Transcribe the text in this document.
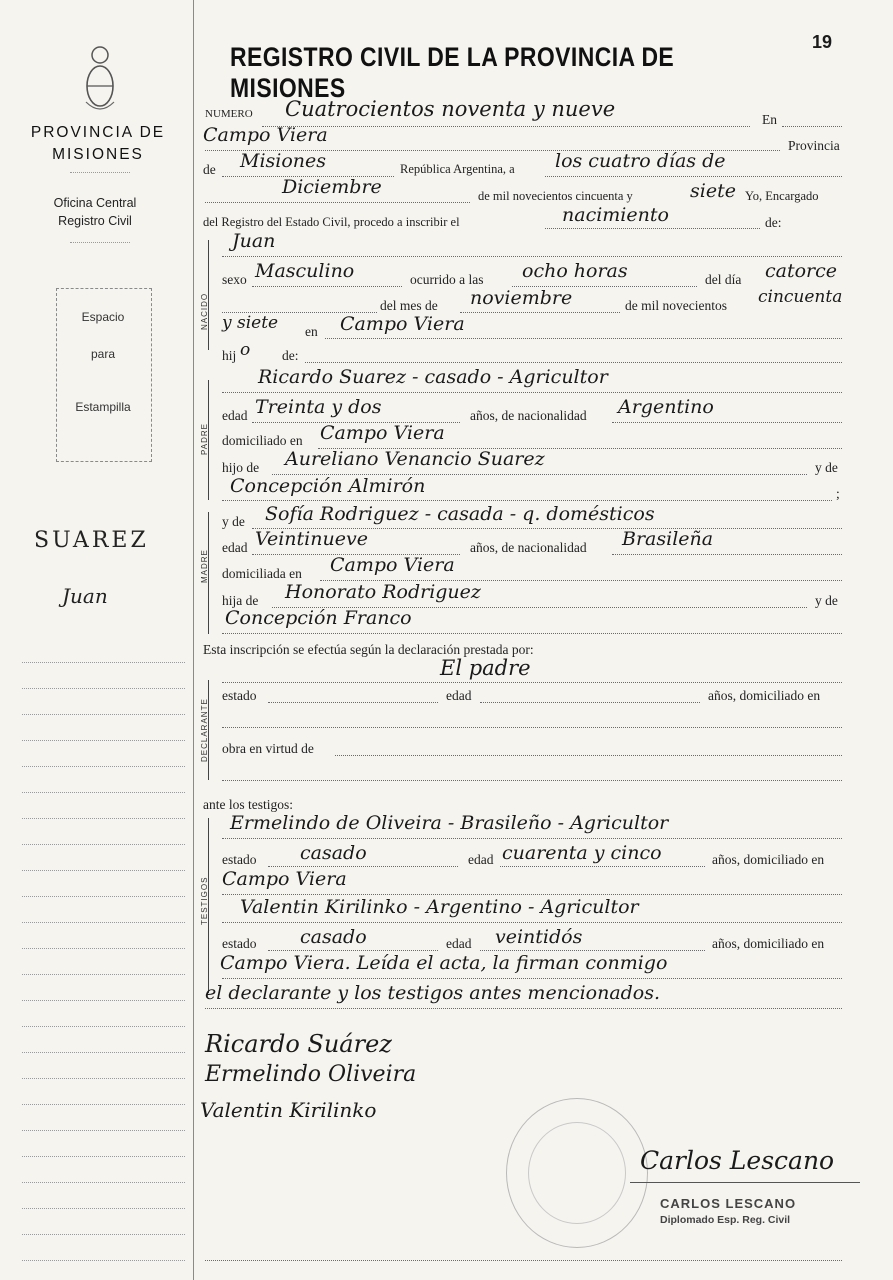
PROVINCIA DE
MISIONES
Oficina Central
Registro Civil
Espacio
para
Estampilla
SUAREZ
Juan
REGISTRO CIVIL DE LA PROVINCIA DE MISIONES
19
NACIDO
PADRE
MADRE
DECLARANTE
TESTIGOS
NUMERO Cuatrocientos noventa y nueve	En
Campo Viera	Provincia
de Misiones	República Argentina, a los cuatro días de
Diciembre	de mil novecientos cincuenta y	siete Yo, Encargado
del Registro del Estado Civil, procedo a inscribir el	nacimiento	de:
Juan
sexo Masculino	ocurrido a las ocho horas	del día catorce
del mes de noviembre	de mil novecientos cincuenta
y siete en Campo Viera
hij o de:
Ricardo Suarez - casado - Agricultor
edad Treinta y dos	años, de nacionalidad Argentino
domiciliado en Campo Viera
hijo de Aureliano Venancio Suarez	y de
Concepción Almirón	;
y de Sofía Rodriguez - casada - q. domésticos
edad Veintinueve	años, de nacionalidad Brasileña
domiciliada en Campo Viera
hija de Honorato Rodriguez	y de
Concepción Franco
Esta inscripción se efectúa según la declaración prestada por:
El padre
estado	edad	años, domiciliado en
obra en virtud de
ante los testigos:
Ermelindo de Oliveira - Brasileño - Agricultor
estado casado	edad cuarenta y cinco	años, domiciliado en
Campo Viera
Valentin Kirilinko - Argentino - Agricultor
estado casado	edad veintidós	años, domiciliado en
Campo Viera. Leída el acta, la firman conmigo
el declarante y los testigos antes mencionados.
Ricardo Suárez
Ermelindo Oliveira
Valentin Kirilinko
Carlos Lescano
CARLOS LESCANO
Diplomado Esp. Reg. Civil
